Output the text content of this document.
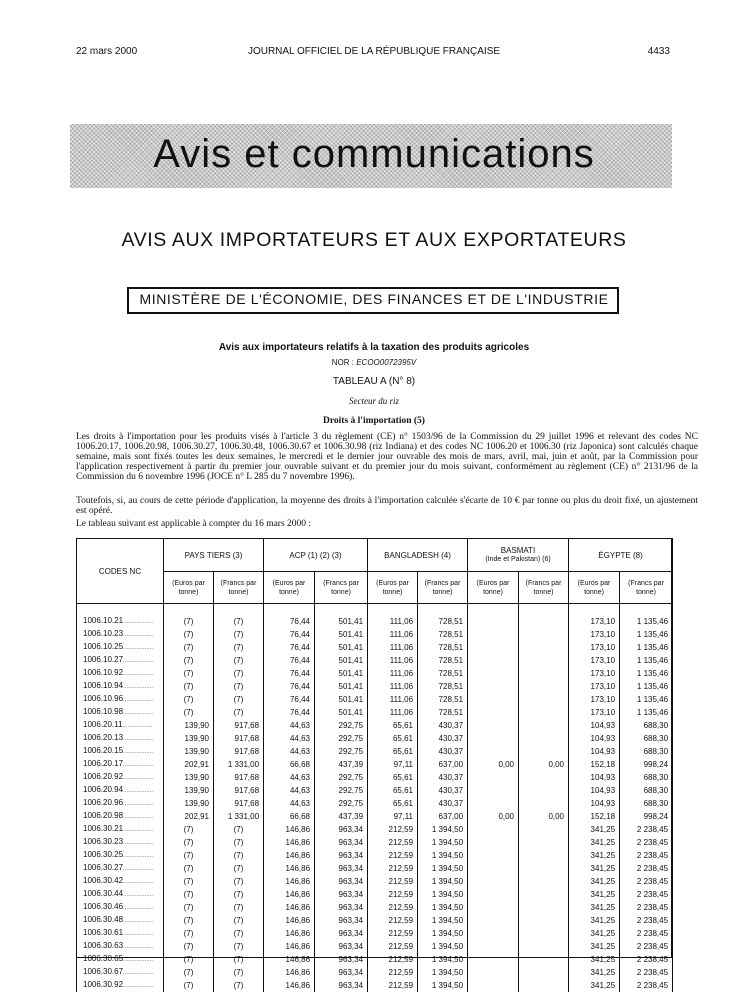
22 mars 2000	JOURNAL OFFICIEL DE LA RÉPUBLIQUE FRANÇAISE	4433
Avis et communications
AVIS AUX IMPORTATEURS ET AUX EXPORTATEURS
MINISTÈRE DE L'ÉCONOMIE, DES FINANCES ET DE L'INDUSTRIE
Avis aux importateurs relatifs à la taxation des produits agricoles
NOR : ECOO0072395V
TABLEAU A (N° 8)
Secteur du riz
Droits à l'importation (5)
Les droits à l'importation pour les produits visés à l'article 3 du règlement (CE) n° 1503/96 de la Commission du 29 juillet 1996 et relevant des codes NC 1006.20.17, 1006.20.98, 1006.30.27, 1006.30.48, 1006.30.67 et 1006.30.98 (riz Indiana) et des codes NC 1006.20 et 1006.30 (riz Japonica) sont calculés chaque semaine, mais sont fixés toutes les deux semaines, le mercredi et le dernier jour ouvrable des mois de mars, avril, mai, juin et août, par la Commission pour l'application respectivement à partir du premier jour ouvrable suivant et du premier jour du mois suivant, conformément au règlement (CE) n° 2131/96 de la Commission du 6 novembre 1996 (JOCE n° L 285 du 7 novembre 1996).
Toutefois, si, au cours de cette période d'application, la moyenne des droits à l'importation calculée s'écarte de 10 € par tonne ou plus du droit fixé, un ajustement est opéré.
Le tableau suivant est applicable à compter du 16 mars 2000 :
CODES NC	PAYS TIERS (3)		ACP (1) (2) (3)		BANGLADESH (4)		BASMATI
(Inde et Pakistan) (6)		ÉGYPTE (8)	
	(Euros par tonne)	(Francs par tonne)	(Euros par tonne)	(Francs par tonne)	(Euros par tonne)	(Francs par tonne)	(Euros par tonne)	(Francs par tonne)	(Euros par tonne)	(Francs par tonne)

1006.10.21..................	(7)	(7)	76,44	501,41	111,06	728,51			173,10	1 135,46
1006.10.23..................	(7)	(7)	76,44	501,41	111,06	728,51			173,10	1 135,46
1006.10.25..................	(7)	(7)	76,44	501,41	111,06	728,51			173,10	1 135,46
1006.10.27..................	(7)	(7)	76,44	501,41	111,06	728,51			173,10	1 135,46
1006.10.92..................	(7)	(7)	76,44	501,41	111,06	728,51			173,10	1 135,46
1006.10.94..................	(7)	(7)	76,44	501,41	111,06	728,51			173,10	1 135,46
1006.10.96..................	(7)	(7)	76,44	501,41	111,06	728,51			173,10	1 135,46
1006.10.98..................	(7)	(7)	76,44	501,41	111,06	728,51			173,10	1 135,46
1006.20.11..................	139,90	917,68	44,63	292,75	65,61	430,37			104,93	688,30
1006.20.13..................	139,90	917,68	44,63	292,75	65,61	430,37			104,93	688,30
1006.20.15..................	139,90	917,68	44,63	292,75	65,61	430,37			104,93	688,30
1006.20.17..................	202,91	1 331,00	66,68	437,39	97,11	637,00	0,00	0,00	152,18	998,24
1006.20.92..................	139,90	917,68	44,63	292,75	65,61	430,37			104,93	688,30
1006.20.94..................	139,90	917,68	44,63	292,75	65,61	430,37			104,93	688,30
1006.20.96..................	139,90	917,68	44,63	292,75	65,61	430,37			104,93	688,30
1006.20.98..................	202,91	1 331,00	66,68	437,39	97,11	637,00	0,00	0,00	152,18	998,24
1006.30.21..................	(7)	(7)	146,86	963,34	212,59	1 394,50			341,25	2 238,45
1006.30.23..................	(7)	(7)	146,86	963,34	212,59	1 394,50			341,25	2 238,45
1006.30.25..................	(7)	(7)	146,86	963,34	212,59	1 394,50			341,25	2 238,45
1006.30.27..................	(7)	(7)	146,86	963,34	212,59	1 394,50			341,25	2 238,45
1006.30.42..................	(7)	(7)	146,86	963,34	212,59	1 394,50			341,25	2 238,45
1006.30.44..................	(7)	(7)	146,86	963,34	212,59	1 394,50			341,25	2 238,45
1006.30.46..................	(7)	(7)	146,86	963,34	212,59	1 394,50			341,25	2 238,45
1006.30.48..................	(7)	(7)	146,86	963,34	212,59	1 394,50			341,25	2 238,45
1006.30.61..................	(7)	(7)	146,86	963,34	212,59	1 394,50			341,25	2 238,45
1006.30.63..................	(7)	(7)	146,86	963,34	212,59	1 394,50			341,25	2 238,45
1006.30.65..................	(7)	(7)	146,86	963,34	212,59	1 394,50			341,25	2 238,45
1006.30.67..................	(7)	(7)	146,86	963,34	212,59	1 394,50			341,25	2 238,45
1006.30.92..................	(7)	(7)	146,86	963,34	212,59	1 394,50			341,25	2 238,45
